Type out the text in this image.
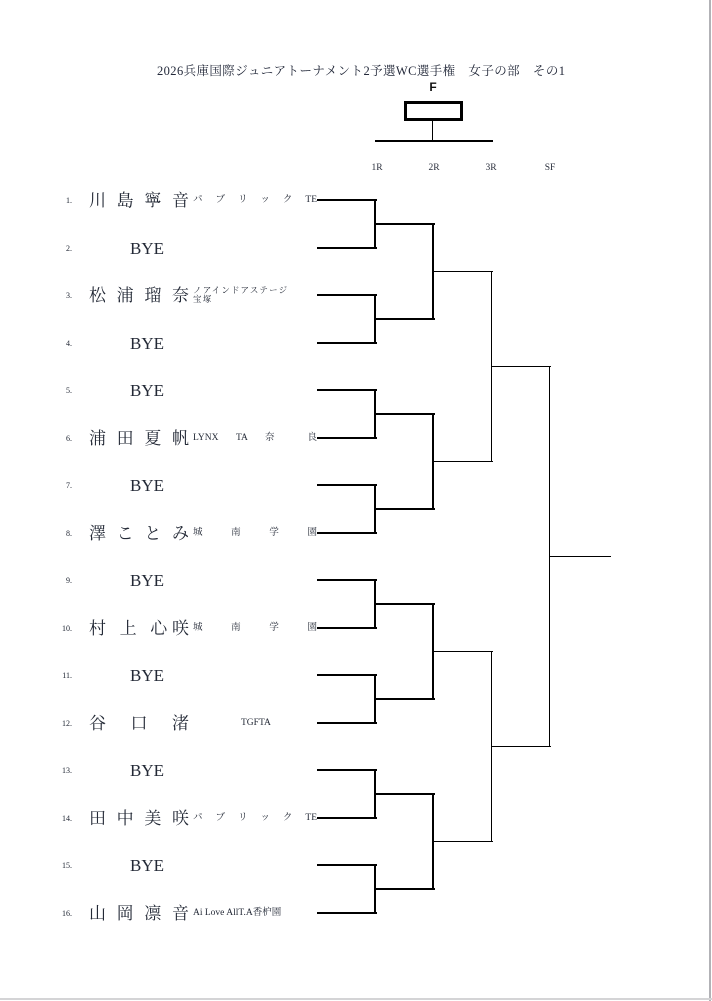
2026兵庫国際ジュニアトーナメント2予選WC選手権　女子の部　その1
F
1R	2R	3R	SF
1. 川 島 寧 音 パ ブ リ ッ ク TE
2.	BYE
3. 松 浦 瑠 奈 ノアインドアステージ
宝塚
4.	BYE
5.	BYE
6. 浦 田 夏 帆 LYNX TA 奈 良
7.	BYE
8. 澤 こ と み 城 南 学 園
9.	BYE
10. 村 上 心咲 城 南 学 園
11.	BYE
12. 谷 口 渚	TGFTA
13.	BYE
14. 田 中 美 咲 パ ブ リ ッ ク TE
15.	BYE
16. 山 岡 凛 音 Ai Love AllT.A香枦園
